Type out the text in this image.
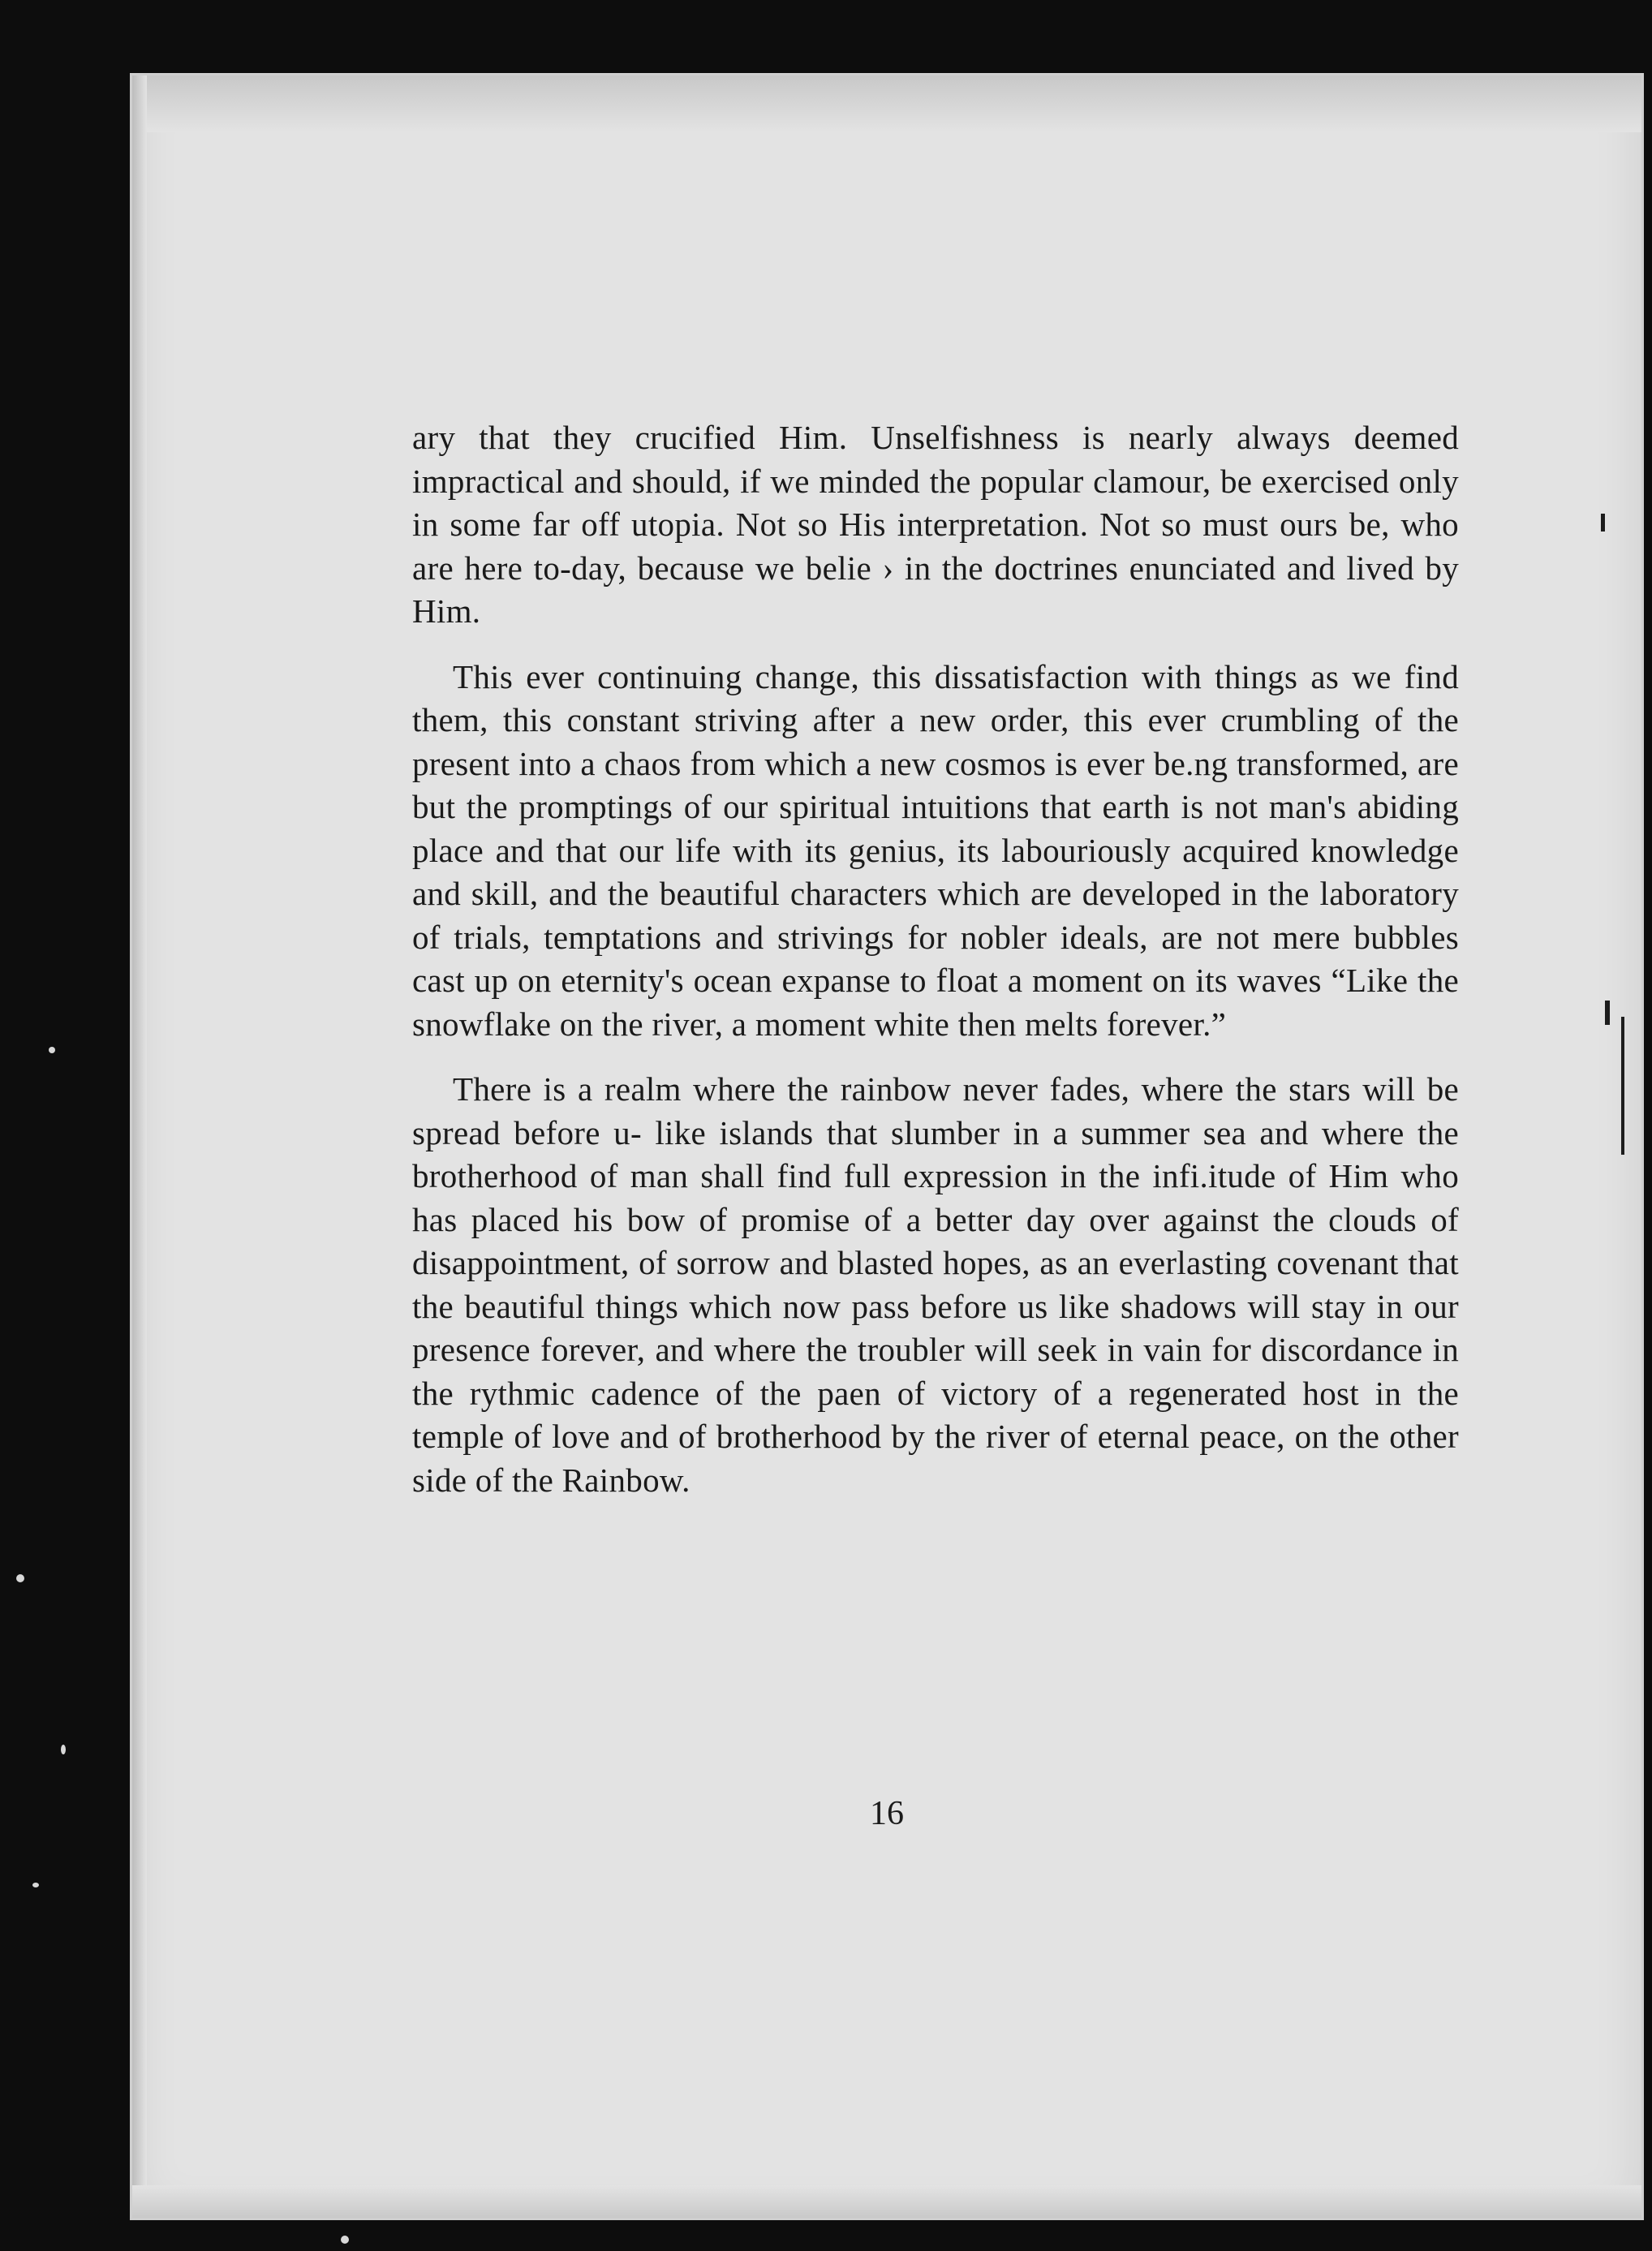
ary that they crucified Him. Unselfishness is nearly always deemed impractical and should, if we minded the popular clamour, be exercised only in some far off utopia. Not so His interpretation. Not so must ours be, who are here to-day, because we belie › in the doctrines enunciated and lived by Him.

This ever continuing change, this dissatisfaction with things as we find them, this constant striving after a new order, this ever crumbling of the present into a chaos from which a new cosmos is ever be.ng transformed, are but the promptings of our spiritual intuitions that earth is not man's abiding place and that our life with its genius, its labouriously acquired knowledge and skill, and the beautiful characters which are developed in the laboratory of trials, temptations and strivings for nobler ideals, are not mere bubbles cast up on eternity's ocean expanse to float a moment on its waves “Like the snowflake on the river, a moment white then melts forever.”

There is a realm where the rainbow never fades, where the stars will be spread before u- like islands that slumber in a summer sea and where the brotherhood of man shall find full expression in the infi.itude of Him who has placed his bow of promise of a better day over against the clouds of disappointment, of sorrow and blasted hopes, as an everlasting covenant that the beautiful things which now pass before us like shadows will stay in our presence forever, and where the troubler will seek in vain for discordance in the rythmic cadence of the paen of victory of a regenerated host in the temple of love and of brotherhood by the river of eternal peace, on the other side of the Rainbow.

16
